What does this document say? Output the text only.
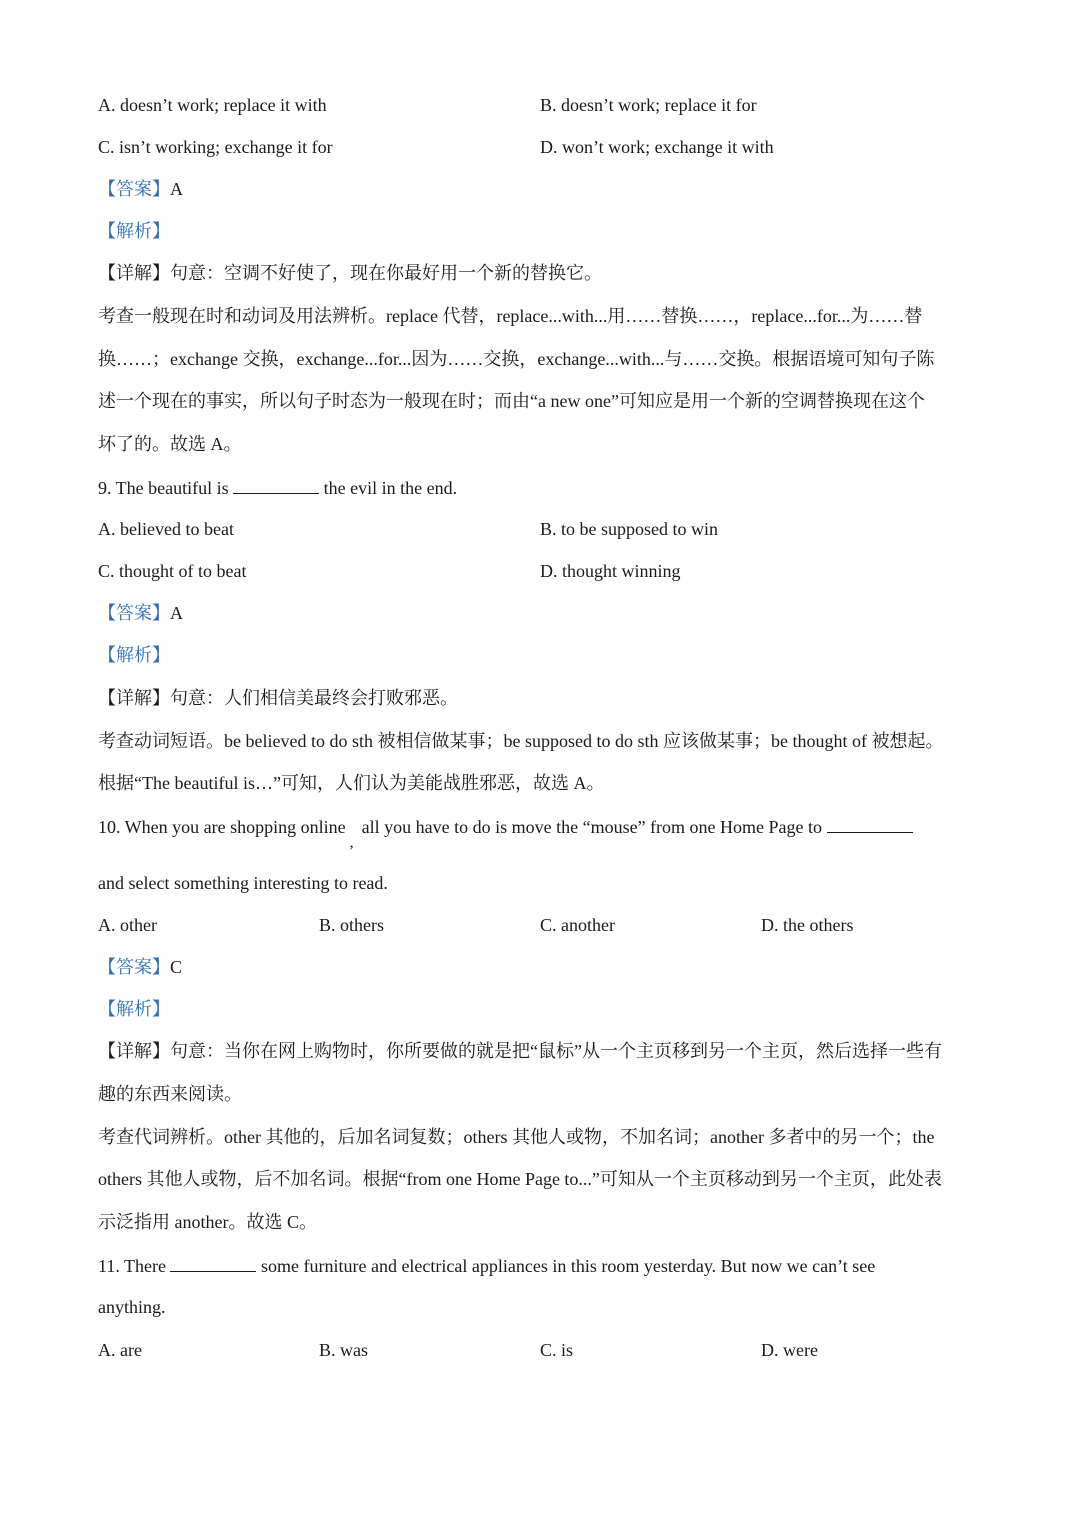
A. doesn’t work; replace it with	B. doesn’t work; replace it for
C. isn’t working; exchange it for	D. won’t work; exchange it with
【答案】A
【解析】
【详解】句意：空调不好使了，现在你最好用一个新的替换它。
考查一般现在时和动词及用法辨析。replace 代替，replace...with...用……替换……，replace...for...为……替
换……；exchange 交换，exchange...for...因为……交换，exchange...with...与……交换。根据语境可知句子陈
述一个现在的事实，所以句子时态为一般现在时；而由“a new one”可知应是用一个新的空调替换现在这个
坏了的。故选 A。
9. The beautiful is	the evil in the end.
A. believed to beat	B. to be supposed to win
C. thought of to beat	D. thought winning
【答案】A
【解析】
【详解】句意：人们相信美最终会打败邪恶。
考查动词短语。be believed to do sth 被相信做某事；be supposed to do sth 应该做某事；be thought of 被想起。
根据“The beautiful is…”可知，人们认为美能战胜邪恶，故选 A。
10. When you are shopping online,all you have to do is move the “mouse” from one Home Page to
and select something interesting to read.
A. other	B. others	C. another	D. the others
【答案】C
【解析】
【详解】句意：当你在网上购物时，你所要做的就是把“鼠标”从一个主页移到另一个主页，然后选择一些有
趣的东西来阅读。
考查代词辨析。other 其他的，后加名词复数；others 其他人或物，不加名词；another 多者中的另一个；the
others 其他人或物，后不加名词。根据“from one Home Page to...”可知从一个主页移动到另一个主页，此处表
示泛指用 another。故选 C。
11. There	some furniture and electrical appliances in this room yesterday. But now we can’t see
anything.
A. are	B. was	C. is	D. were
